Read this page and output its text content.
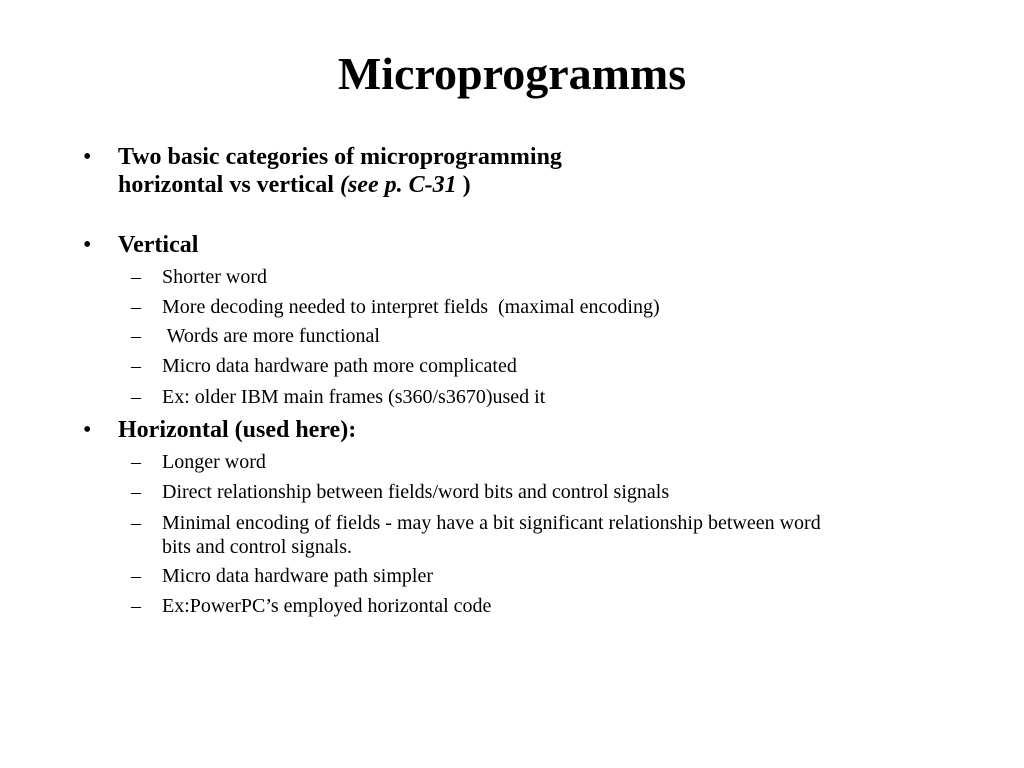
Microprogramms
• Two basic categories of microprogramming
horizontal vs vertical (see p. C-31 )
• Vertical
– Shorter word
– More decoding needed to interpret fields  (maximal encoding)
– Words are more functional
– Micro data hardware path more complicated
– Ex: older IBM main frames (s360/s3670)used it
• Horizontal (used here):
– Longer word
– Direct relationship between fields/word bits and control signals
– Minimal encoding of fields - may have a bit significant relationship between word
bits and control signals.
– Micro data hardware path simpler
– Ex:PowerPC’s employed horizontal code
